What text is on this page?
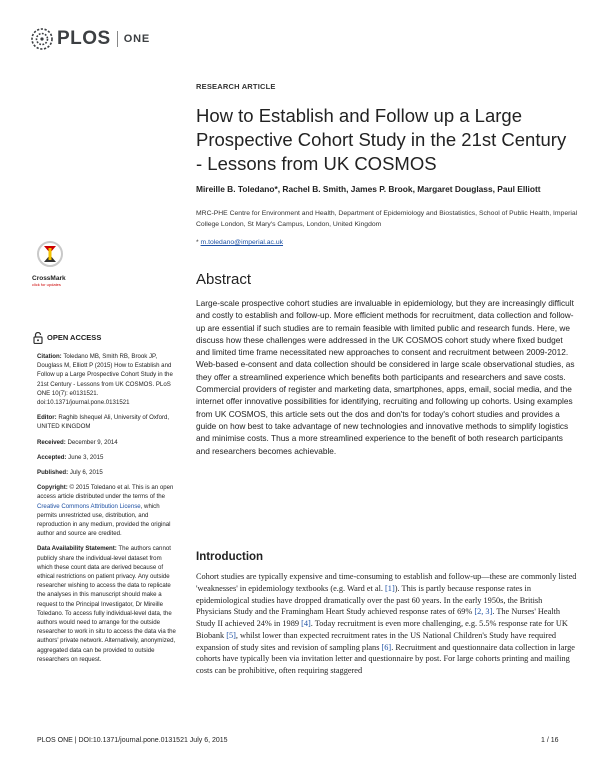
PLOS ONE
RESEARCH ARTICLE
How to Establish and Follow up a Large Prospective Cohort Study in the 21st Century - Lessons from UK COSMOS
Mireille B. Toledano*, Rachel B. Smith, James P. Brook, Margaret Douglass, Paul Elliott
MRC-PHE Centre for Environment and Health, Department of Epidemiology and Biostatistics, School of Public Health, Imperial College London, St Mary's Campus, London, United Kingdom
* m.toledano@imperial.ac.uk
CrossMark
click for updates	Abstract
Large-scale prospective cohort studies are invaluable in epidemiology, but they are increasingly difficult and costly to establish and follow-up. More efficient methods for recruitment, data collection and follow-up are essential if such studies are to remain feasible with limited public and research funds. Here, we discuss how these challenges were addressed in the UK COSMOS cohort study where fixed budget and limited time frame necessitated new approaches to consent and recruitment between 2009-2012. Web-based e-consent and data collection should be considered in large scale observational studies, as they offer a streamlined experience which benefits both participants and researchers and save costs. Commercial providers of register and marketing data, smartphones, apps, email, social media, and the internet offer innovative possibilities for identifying, recruiting and following up cohorts. Using examples from UK COSMOS, this article sets out the dos and don'ts for today's cohort studies and provides a guide on how best to take advantage of new technologies and innovative methods to simplify logistics and minimise costs. Thus a more streamlined experience to the benefit of both research participants and researchers becomes achievable.
OPEN ACCESS
Citation: Toledano MB, Smith RB, Brook JP, Douglass M, Elliott P (2015) How to Establish and Follow up a Large Prospective Cohort Study in the 21st Century - Lessons from UK COSMOS. PLoS ONE 10(7): e0131521. doi:10.1371/journal.pone.0131521
Editor: Raghib Ishequel Ali, University of Oxford, UNITED KINGDOM
Received: December 9, 2014
Accepted: June 3, 2015
Published: July 6, 2015
Copyright: © 2015 Toledano et al. This is an open access article distributed under the terms of the Creative Commons Attribution License, which permits unrestricted use, distribution, and reproduction in any medium, provided the original author and source are credited.
Data Availability Statement: The authors cannot publicly share the individual-level dataset from which these count data are derived because of ethical restrictions on patient privacy. Any outside researcher wishing to access the data to replicate the analyses in this manuscript should make a request to the Principal Investigator, Dr Mireille Toledano. To access fully individual-level data, the authors would need to arrange for the outside researcher to work in situ to access the data via the authors' private network. Alternatively, anonymized, aggregated data can be provided to outside researchers on request.
Introduction
Cohort studies are typically expensive and time-consuming to establish and follow-up—these are commonly listed 'weaknesses' in epidemiology textbooks (e.g. Ward et al. [1]). This is partly because response rates in epidemiological studies have dropped dramatically over the past 60 years. In the early 1950s, the British Physicians Study and the Framingham Heart Study achieved response rates of 69% [2, 3]. The Nurses' Health Study II achieved 24% in 1989 [4]. Today recruitment is even more challenging, e.g. 5.5% response rate for UK Biobank [5], whilst lower than expected recruitment rates in the US National Children's Study have required expansion of study sites and revision of sampling plans [6]. Recruitment and questionnaire data collection in large cohorts have typically been via invitation letter and questionnaire by post. For large cohorts printing and mailing costs can be prohibitive, often requiring staggered
PLOS ONE | DOI:10.1371/journal.pone.0131521 July 6, 2015	1 / 16
